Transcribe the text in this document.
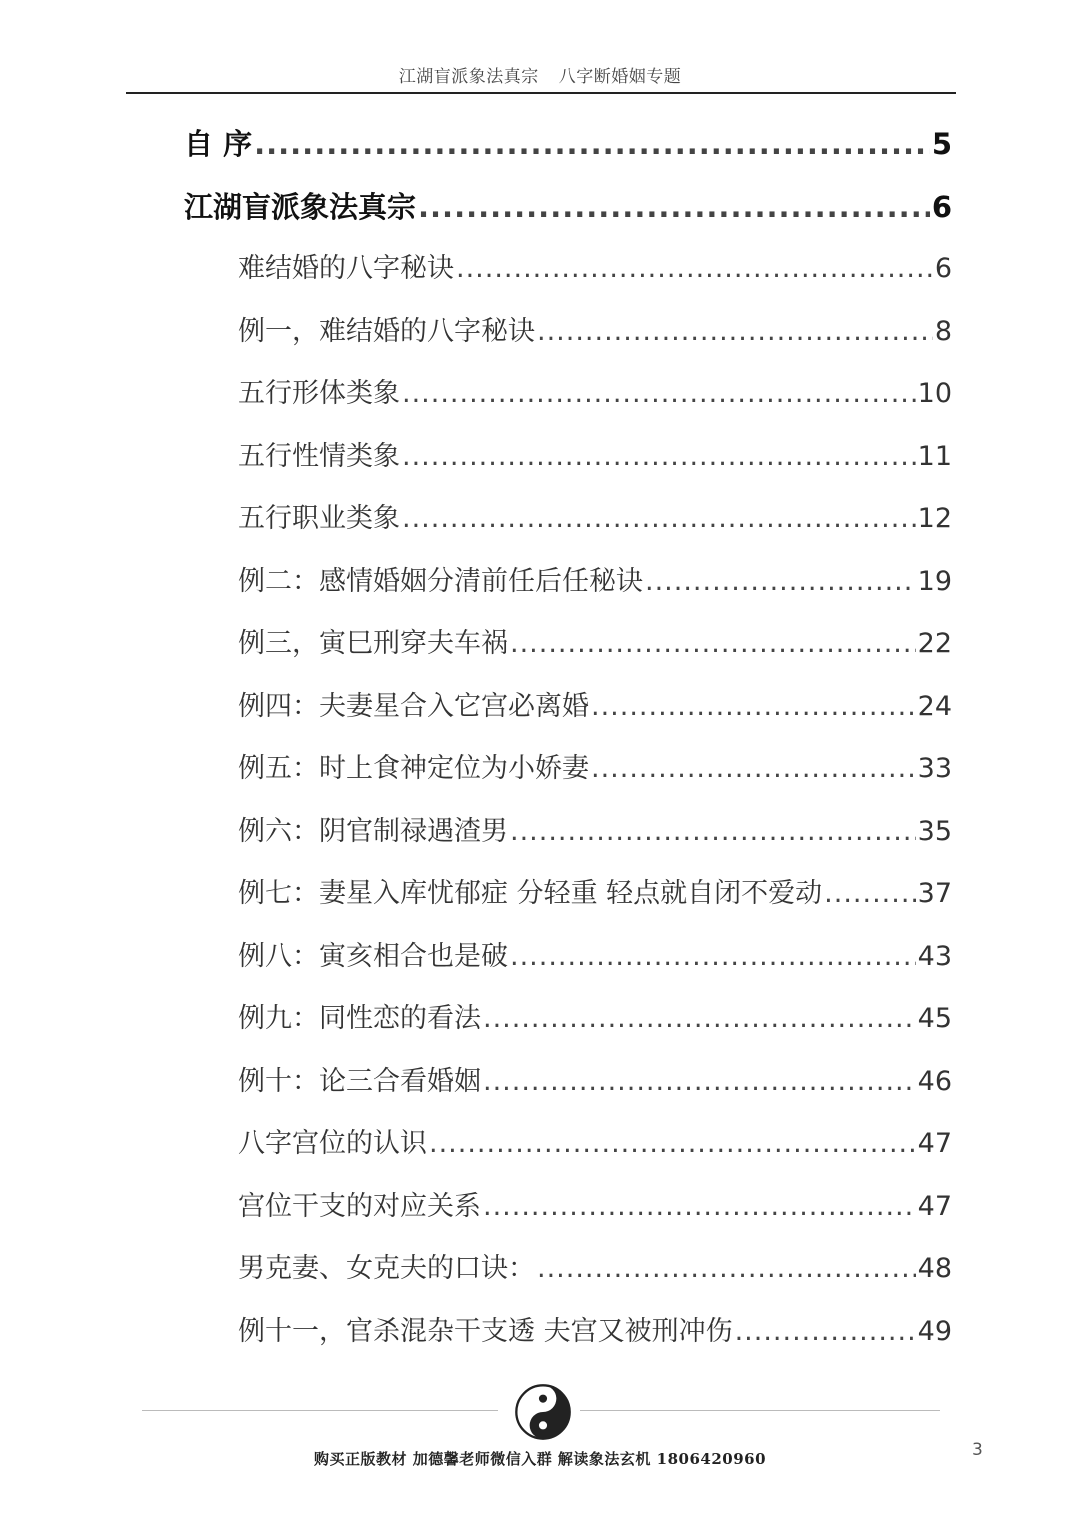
江湖盲派象法真宗 八字断婚姻专题
自 序 .....	5
江湖盲派象法真宗 .....	6
难结婚的八字秘诀 .....	6
例一，难结婚的八字秘诀 .....	8
五行形体类象 .....	10
五行性情类象 .....	11
五行职业类象 .....	12
例二：感情婚姻分清前任后任秘诀 .....	19
例三，寅巳刑穿夫车祸 .....	22
例四：夫妻星合入它宫必离婚 .....	24
例五：时上食神定位为小娇妻 .....	33
例六：阴官制禄遇渣男 .....	35
例七：妻星入库忧郁症 分轻重 轻点就自闭不爱动 .....	37
例八：寅亥相合也是破 .....	43
例九：同性恋的看法 .....	45
例十：论三合看婚姻 .....	46
八字宫位的认识 .....	47
宫位干支的对应关系 .....	47
男克妻、女克夫的口诀： .....	48
例十一，官杀混杂干支透 夫宫又被刑冲伤 .....	49
购买正版教材 加德馨老师微信入群 解读象法玄机 1806420960	3
